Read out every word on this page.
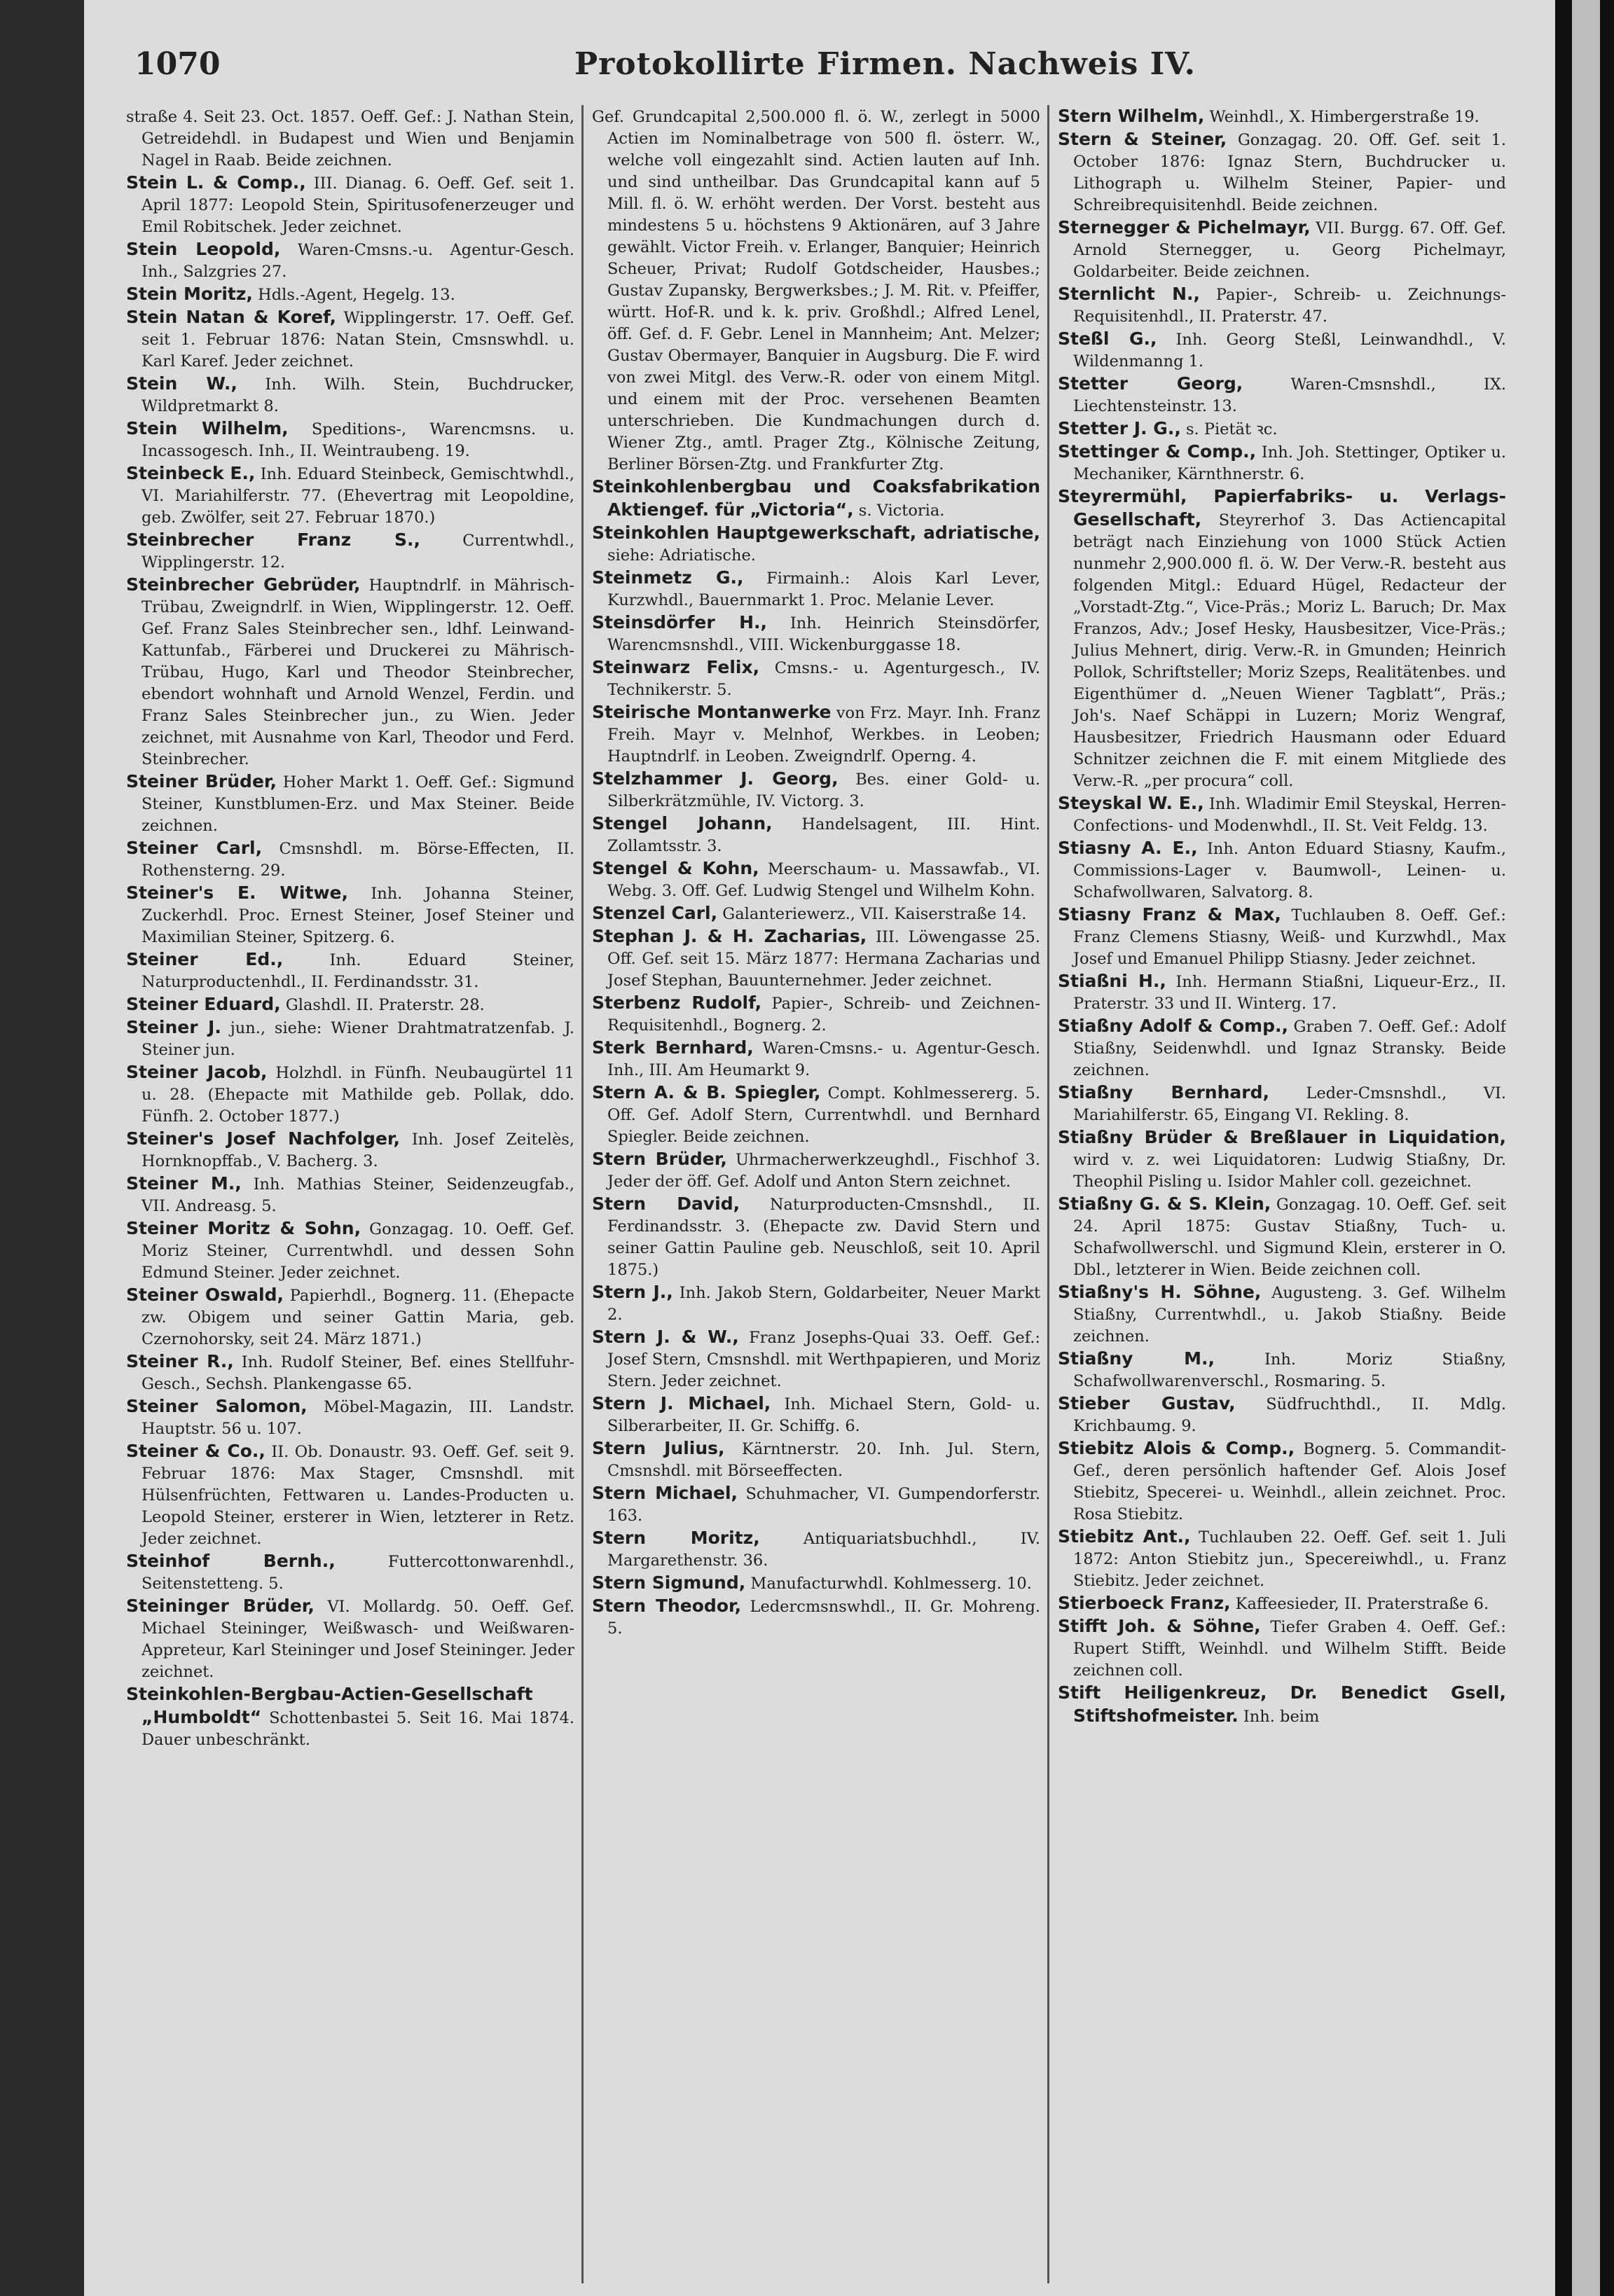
1070	Protokollirte Firmen. Nachweis IV.

straße 4. Seit 23. Oct. 1857. Oeff. Gef.: J. Nathan Stein, Getreidehdl. in Budapest und Wien und Benjamin Nagel in Raab. Beide zeichnen.

Stein L. & Comp., III. Dianag. 6. Oeff. Gef. seit 1. April 1877: Leopold Stein, Spiritusofenerzeuger und Emil Robitschek. Jeder zeichnet.

Stein Leopold, Waren-Cmsns.-u. Agentur-Gesch. Inh., Salzgries 27.

Stein Moritz, Hdls.-Agent, Hegelg. 13.

Stein Natan & Koref, Wipplingerstr. 17. Oeff. Gef. seit 1. Februar 1876: Natan Stein, Cmsnswhdl. u. Karl Karef. Jeder zeichnet.

Stein W., Inh. Wilh. Stein, Buchdrucker, Wildpretmarkt 8.

Stein Wilhelm, Speditions-, Warencmsns. u. Incassogesch. Inh., II. Weintraubeng. 19.

Steinbeck E., Inh. Eduard Steinbeck, Gemischtwhdl., VI. Mariahilferstr. 77. (Ehevertrag mit Leopoldine, geb. Zwölfer, seit 27. Februar 1870.)

Steinbrecher Franz S.,	Currentwhdl., Wipplingerstr. 12.

Steinbrecher Gebrüder, Hauptndrlf. in Mährisch-Trübau, Zweigndrlf. in Wien, Wipplingerstr. 12. Oeff. Gef. Franz Sales Steinbrecher sen., ldhf. Leinwand-Kattunfab., Färberei und Druckerei zu Mährisch-Trübau, Hugo, Karl und Theodor Steinbrecher, ebendort wohnhaft und Arnold Wenzel, Ferdin. und Franz Sales Steinbrecher jun., zu Wien. Jeder zeichnet, mit Ausnahme von Karl, Theodor und Ferd. Steinbrecher.

Steiner Brüder, Hoher Markt 1. Oeff. Gef.: Sigmund Steiner, Kunstblumen-Erz. und Max Steiner. Beide zeichnen.

Steiner Carl, Cmsnshdl. m. Börse-Effecten, II. Rothensterng. 29.

Steiner's E. Witwe, Inh. Johanna Steiner, Zuckerhdl. Proc. Ernest Steiner, Josef Steiner und Maximilian Steiner, Spitzerg. 6.

Steiner Ed.,	Inh. Eduard Steiner, Naturproductenhdl., II. Ferdinandsstr. 31.

Steiner Eduard, Glashdl. II. Praterstr. 28.

Steiner J. jun., siehe: Wiener Drahtmatratzenfab. J. Steiner jun.

Steiner Jacob, Holzhdl. in Fünfh. Neubaugürtel 11 u. 28. (Ehepacte mit Mathilde geb. Pollak, ddo. Fünfh. 2. October 1877.)

Steiner's Josef Nachfolger, Inh. Josef Zeitelès, Hornknopffab., V. Bacherg. 3.

Steiner M., Inh. Mathias Steiner, Seidenzeugfab., VII. Andreasg. 5.

Steiner Moritz & Sohn, Gonzagag. 10. Oeff. Gef. Moriz Steiner, Currentwhdl. und dessen Sohn Edmund Steiner. Jeder zeichnet.

Steiner Oswald, Papierhdl., Bognerg. 11. (Ehepacte zw. Obigem und seiner Gattin Maria, geb. Czernohorsky, seit 24. März 1871.)

Steiner R., Inh. Rudolf Steiner, Bef. eines Stellfuhr-Gesch., Sechsh. Plankengasse 65.

Steiner Salomon, Möbel-Magazin, III. Landstr. Hauptstr. 56 u. 107.

Steiner & Co., II. Ob. Donaustr. 93. Oeff. Gef. seit 9. Februar 1876: Max Stager, Cmsnshdl. mit Hülsenfrüchten, Fettwaren u. Landes-Producten u. Leopold Steiner, ersterer in Wien, letzterer in Retz. Jeder zeichnet.

Steinhof Bernh.,	Futtercottonwarenhdl., Seitenstetteng. 5.

Steininger Brüder, VI. Mollardg. 50. Oeff. Gef. Michael Steininger, Weißwasch- und Weißwaren-Appreteur, Karl Steininger und Josef Steininger. Jeder zeichnet.

Steinkohlen-Bergbau-Actien-Gesellschaft „Humboldt“ Schottenbastei 5. Seit 16. Mai 1874. Dauer unbeschränkt.

Gef. Grundcapital 2,500.000 fl. ö. W., zerlegt in 5000 Actien im Nominalbetrage von 500 fl. österr. W., welche voll eingezahlt sind. Actien lauten auf Inh. und sind untheilbar. Das Grundcapital kann auf 5 Mill. fl. ö. W. erhöht werden. Der Vorst. besteht aus mindestens 5 u. höchstens 9 Aktionären, auf 3 Jahre gewählt. Victor Freih. v. Erlanger, Banquier; Heinrich Scheuer, Privat; Rudolf Gotdscheider, Hausbes.; Gustav Zupansky, Bergwerksbes.; J. M. Rit. v. Pfeiffer, württ. Hof-R. und k. k. priv. Großhdl.; Alfred Lenel, öff. Gef. d. F. Gebr. Lenel in Mannheim; Ant. Melzer; Gustav Obermayer, Banquier in Augsburg. Die F. wird von zwei Mitgl. des Verw.-R. oder von einem Mitgl. und einem mit der Proc. versehenen Beamten unterschrieben. Die Kundmachungen durch d. Wiener Ztg., amtl. Prager Ztg., Kölnische Zeitung, Berliner Börsen-Ztg. und Frankfurter Ztg.

Steinkohlenbergbau und Coaksfabrikation Aktiengef. für „Victoria“, s. Victoria.

Steinkohlen Hauptgewerkschaft, adriatische, siehe: Adriatische.

Steinmetz G., Firmainh.: Alois Karl Lever, Kurzwhdl., Bauernmarkt 1. Proc. Melanie Lever.

Steinsdörfer H., Inh. Heinrich Steinsdörfer, Warencmsnshdl., VIII. Wickenburggasse 18.

Steinwarz Felix, Cmsns.- u. Agenturgesch., IV. Technikerstr. 5.

Steirische Montanwerke von Frz. Mayr. Inh. Franz Freih. Mayr v. Melnhof, Werkbes. in Leoben; Hauptndrlf. in Leoben. Zweigndrlf. Operng. 4.

Stelzhammer J. Georg, Bes. einer Gold- u. Silberkrätzmühle, IV. Victorg. 3.

Stengel Johann, Handelsagent, III. Hint. Zollamtsstr. 3.

Stengel & Kohn, Meerschaum- u. Massawfab., VI. Webg. 3. Off. Gef. Ludwig Stengel und Wilhelm Kohn.

Stenzel Carl, Galanteriewerz., VII. Kaiserstraße 14.

Stephan J. & H. Zacharias, III. Löwengasse 25. Off. Gef. seit 15. März 1877: Hermana Zacharias und Josef Stephan, Bauunternehmer. Jeder zeichnet.

Sterbenz Rudolf, Papier-, Schreib- und Zeichnen-Requisitenhdl., Bognerg. 2.

Sterk Bernhard, Waren-Cmsns.- u. Agentur-Gesch. Inh., III. Am Heumarkt 9.

Stern A. & B. Spiegler, Compt. Kohlmessererg. 5. Off. Gef. Adolf Stern, Currentwhdl. und Bernhard Spiegler. Beide zeichnen.

Stern Brüder, Uhrmacherwerkzeughdl., Fischhof 3. Jeder der öff. Gef. Adolf und Anton Stern zeichnet.

Stern David, Naturproducten-Cmsnshdl., II. Ferdinandsstr. 3. (Ehepacte zw. David Stern und seiner Gattin Pauline geb. Neuschloß, seit 10. April 1875.)

Stern J., Inh. Jakob Stern, Goldarbeiter, Neuer Markt 2.

Stern J. & W., Franz Josephs-Quai 33. Oeff. Gef.: Josef Stern, Cmsnshdl. mit Werthpapieren, und Moriz Stern. Jeder zeichnet.

Stern J. Michael, Inh. Michael Stern, Gold- u. Silberarbeiter, II. Gr. Schiffg. 6.

Stern Julius, Kärntnerstr. 20. Inh. Jul. Stern, Cmsnshdl. mit Börseeffecten.

Stern Michael, Schuhmacher, VI. Gumpendorferstr. 163.

Stern Moritz,	Antiquariatsbuchhdl., IV. Margarethenstr. 36.

Stern Sigmund, Manufacturwhdl. Kohlmesserg. 10.

Stern Theodor, Ledercmsnswhdl., II. Gr. Mohreng. 5.

Stern Wilhelm, Weinhdl., X. Himbergerstraße 19.

Stern & Steiner, Gonzagag. 20. Off. Gef. seit 1. October 1876: Ignaz Stern, Buchdrucker u. Lithograph u. Wilhelm Steiner, Papier- und Schreibrequisitenhdl. Beide zeichnen.

Sternegger & Pichelmayr, VII. Burgg. 67. Off. Gef. Arnold Sternegger, u. Georg Pichelmayr, Goldarbeiter. Beide zeichnen.

Sternlicht N., Papier-, Schreib- u. Zeichnungs-Requisitenhdl., II. Praterstr. 47.

Steßl G., Inh. Georg Steßl, Leinwandhdl., V. Wildenmanng 1.

Stetter Georg,	Waren-Cmsnshdl., IX. Liechtensteinstr. 13.

Stetter J. G., s. Pietät ꝛc.

Stettinger & Comp., Inh. Joh. Stettinger, Optiker u. Mechaniker, Kärnthnerstr. 6.

Steyrermühl, Papierfabriks- u. Verlags-Gesellschaft, Steyrerhof 3. Das Actiencapital beträgt nach Einziehung von 1000 Stück Actien nunmehr 2,900.000 fl. ö. W. Der Verw.-R. besteht aus folgenden Mitgl.: Eduard Hügel, Redacteur der „Vorstadt-Ztg.“, Vice-Präs.; Moriz L. Baruch; Dr. Max Franzos, Adv.; Josef Hesky, Hausbesitzer, Vice-Präs.; Julius Mehnert, dirig. Verw.-R. in Gmunden; Heinrich Pollok, Schriftsteller; Moriz Szeps, Realitätenbes. und Eigenthümer d. „Neuen Wiener Tagblatt“, Präs.; Joh's. Naef Schäppi in Luzern; Moriz Wengraf, Hausbesitzer, Friedrich Hausmann oder Eduard Schnitzer zeichnen die F. mit einem Mitgliede des Verw.-R. „per procura“ coll.

Steyskal W. E., Inh. Wladimir Emil Steyskal, Herren-Confections- und Modenwhdl., II. St. Veit Feldg. 13.

Stiasny A. E., Inh. Anton Eduard Stiasny, Kaufm., Commissions-Lager v. Baumwoll-, Leinen- u. Schafwollwaren, Salvatorg. 8.

Stiasny Franz & Max, Tuchlauben 8. Oeff. Gef.: Franz Clemens Stiasny, Weiß- und Kurzwhdl., Max Josef und Emanuel Philipp Stiasny. Jeder zeichnet.

Stiaßni H., Inh. Hermann Stiaßni, Liqueur-Erz., II. Praterstr. 33 und II. Winterg. 17.

Stiaßny Adolf & Comp., Graben 7. Oeff. Gef.: Adolf Stiaßny, Seidenwhdl. und Ignaz Stransky. Beide zeichnen.

Stiaßny Bernhard, Leder-Cmsnshdl., VI. Mariahilferstr. 65, Eingang VI. Rekling. 8.

Stiaßny Brüder & Breßlauer in Liquidation, wird v. z. wei Liquidatoren: Ludwig Stiaßny, Dr. Theophil Pisling u. Isidor Mahler coll. gezeichnet.

Stiaßny G. & S. Klein, Gonzagag. 10. Oeff. Gef. seit 24. April 1875: Gustav Stiaßny, Tuch- u. Schafwollwerschl. und Sigmund Klein, ersterer in O. Dbl., letzterer in Wien. Beide zeichnen coll.

Stiaßny's H. Söhne, Augusteng. 3. Gef. Wilhelm Stiaßny, Currentwhdl., u. Jakob Stiaßny. Beide zeichnen.

Stiaßny M.,	Inh. Moriz Stiaßny, Schafwollwarenverschl., Rosmaring. 5.

Stieber Gustav, Südfruchthdl., II. Mdlg. Krichbaumg. 9.

Stiebitz Alois & Comp., Bognerg. 5. Commandit-Gef., deren persönlich haftender Gef. Alois Josef Stiebitz, Specerei- u. Weinhdl., allein zeichnet. Proc. Rosa Stiebitz.

Stiebitz Ant., Tuchlauben 22. Oeff. Gef. seit 1. Juli 1872: Anton Stiebitz jun., Specereiwhdl., u. Franz Stiebitz. Jeder zeichnet.

Stierboeck Franz, Kaffeesieder, II. Praterstraße 6.

Stifft Joh. & Söhne, Tiefer Graben 4. Oeff. Gef.: Rupert Stifft, Weinhdl. und Wilhelm Stifft. Beide zeichnen coll.

Stift Heiligenkreuz, Dr. Benedict Gsell, Stiftshofmeister. Inh. beim
